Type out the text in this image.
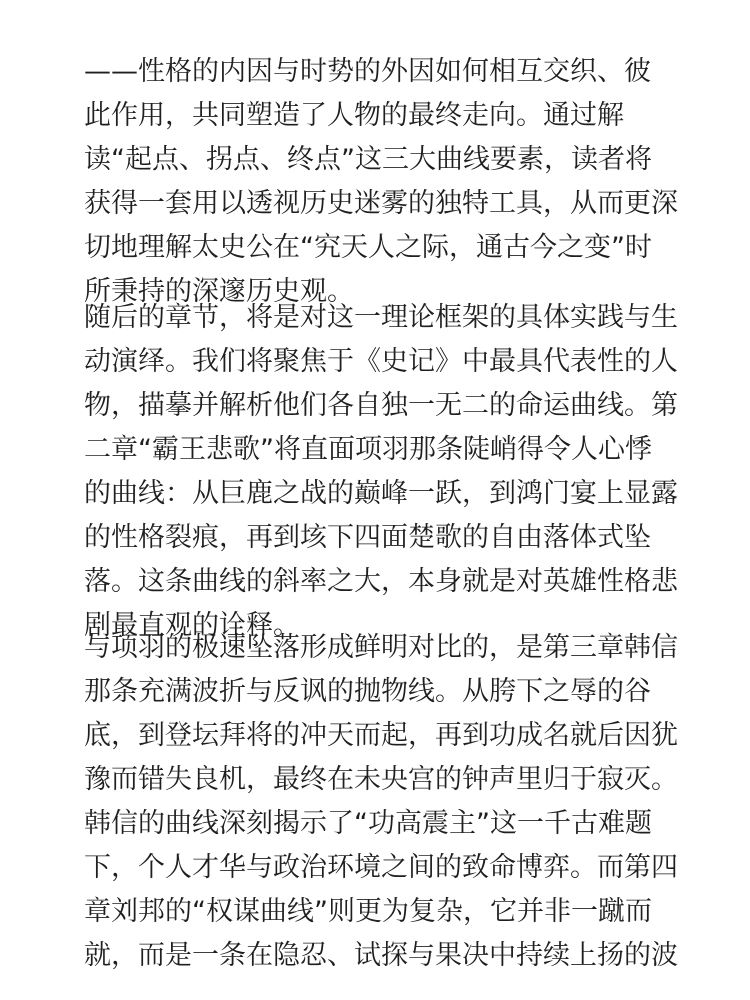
——性格的内因与时势的外因如何相互交织、彼
此作用，共同塑造了人物的最终走向。通过解
读“起点、拐点、终点”这三大曲线要素，读者将
获得一套用以透视历史迷雾的独特工具，从而更深
切地理解太史公在“究天人之际，通古今之变”时
所秉持的深邃历史观。
随后的章节，将是对这一理论框架的具体实践与生
动演绎。我们将聚焦于《史记》中最具代表性的人
物，描摹并解析他们各自独一无二的命运曲线。第
二章“霸王悲歌”将直面项羽那条陡峭得令人心悸
的曲线：从巨鹿之战的巅峰一跃，到鸿门宴上显露
的性格裂痕，再到垓下四面楚歌的自由落体式坠
落。这条曲线的斜率之大，本身就是对英雄性格悲
剧最直观的诠释。
与项羽的极速坠落形成鲜明对比的，是第三章韩信
那条充满波折与反讽的抛物线。从胯下之辱的谷
底，到登坛拜将的冲天而起，再到功成名就后因犹
豫而错失良机，最终在未央宫的钟声里归于寂灭。
韩信的曲线深刻揭示了“功高震主”这一千古难题
下，个人才华与政治环境之间的致命博弈。而第四
章刘邦的“权谋曲线”则更为复杂，它并非一蹴而
就，而是一条在隐忍、试探与果决中持续上扬的波
